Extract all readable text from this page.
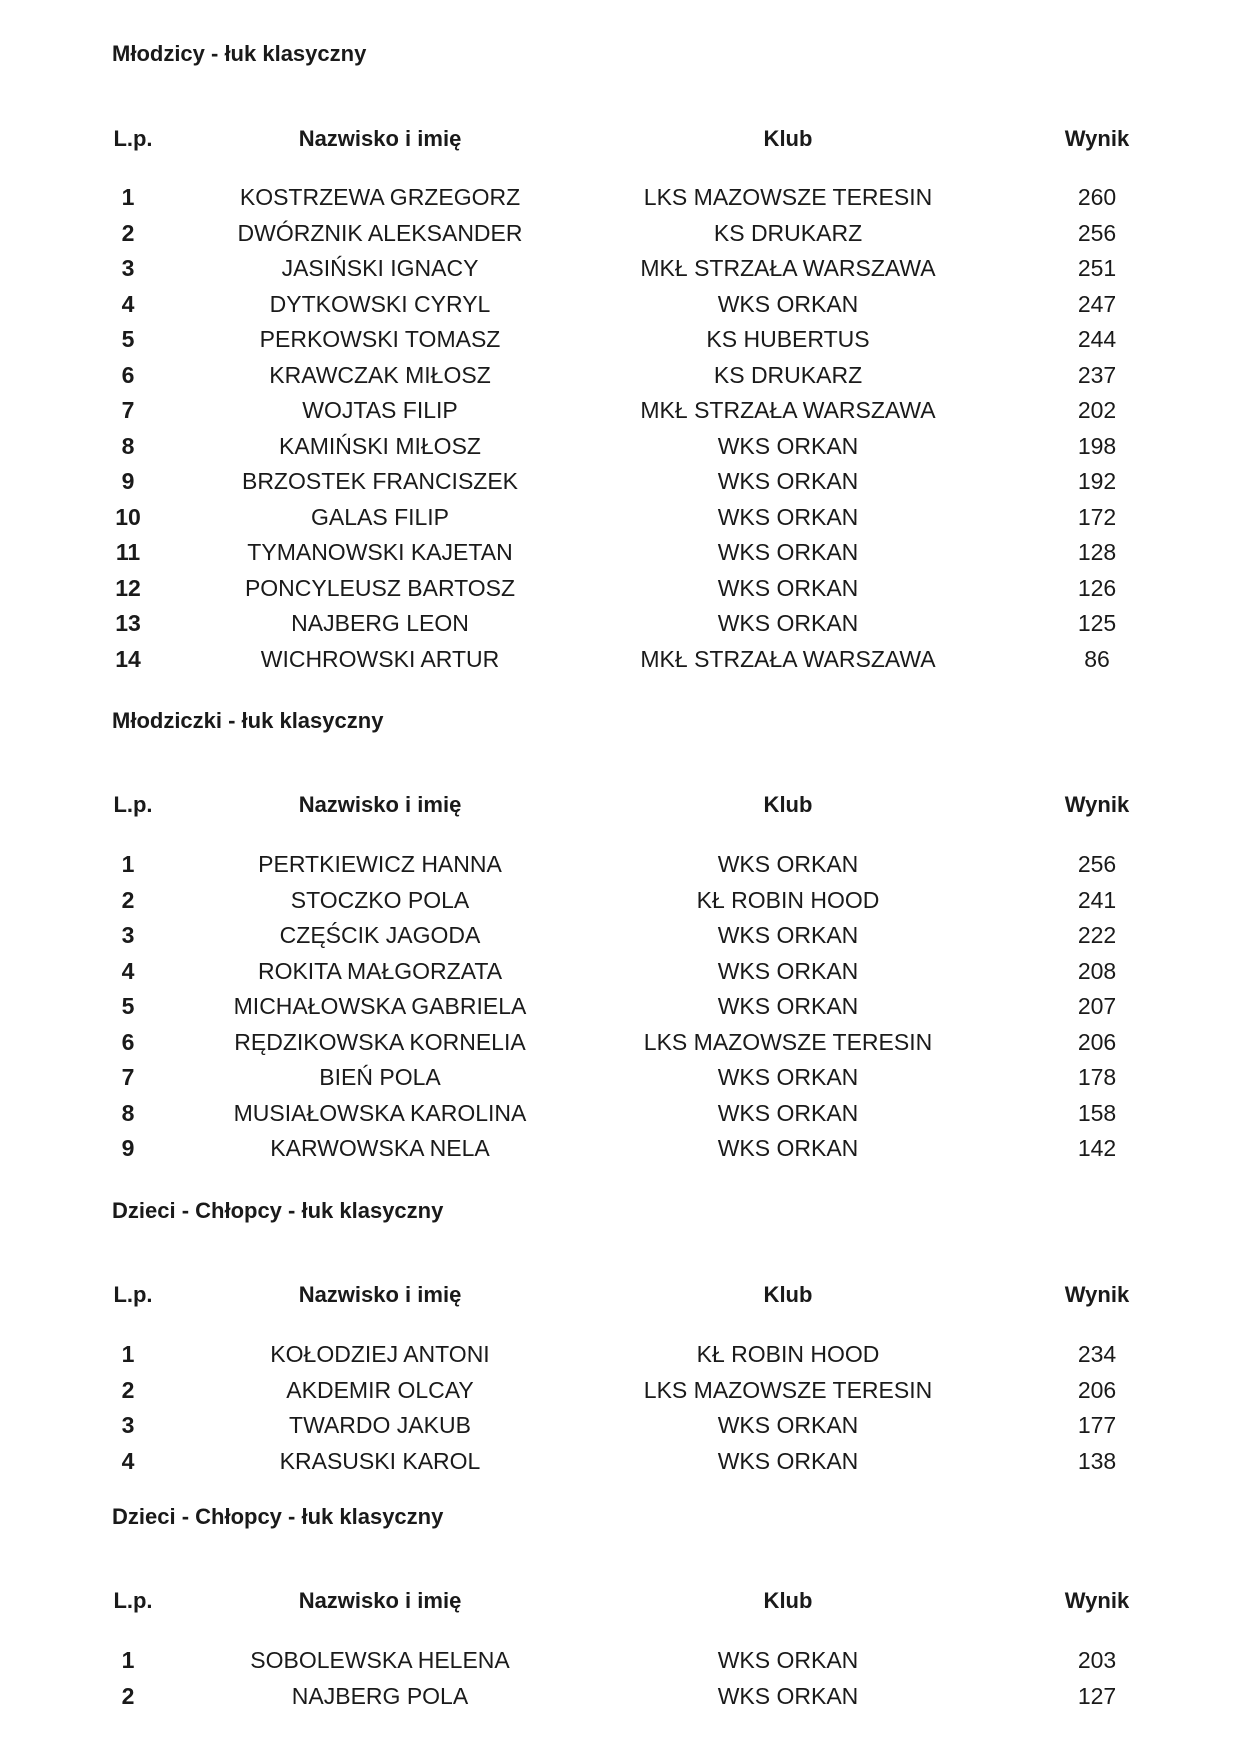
Młodzicy - łuk klasyczny
L.p.	Nazwisko i imię	Klub	Wynik
1	KOSTRZEWA GRZEGORZ	LKS MAZOWSZE TERESIN	260
2	DWÓRZNIK ALEKSANDER	KS DRUKARZ	256
3	JASIŃSKI IGNACY	MKŁ STRZAŁA WARSZAWA	251
4	DYTKOWSKI CYRYL	WKS ORKAN	247
5	PERKOWSKI TOMASZ	KS HUBERTUS	244
6	KRAWCZAK MIŁOSZ	KS DRUKARZ	237
7	WOJTAS FILIP	MKŁ STRZAŁA WARSZAWA	202
8	KAMIŃSKI MIŁOSZ	WKS ORKAN	198
9	BRZOSTEK FRANCISZEK	WKS ORKAN	192
10	GALAS FILIP	WKS ORKAN	172
11	TYMANOWSKI KAJETAN	WKS ORKAN	128
12	PONCYLEUSZ BARTOSZ	WKS ORKAN	126
13	NAJBERG LEON	WKS ORKAN	125
14	WICHROWSKI ARTUR	MKŁ STRZAŁA WARSZAWA	86
Młodziczki - łuk klasyczny
L.p.	Nazwisko i imię	Klub	Wynik
1	PERTKIEWICZ HANNA	WKS ORKAN	256
2	STOCZKO POLA	KŁ ROBIN HOOD	241
3	CZĘŚCIK JAGODA	WKS ORKAN	222
4	ROKITA MAŁGORZATA	WKS ORKAN	208
5	MICHAŁOWSKA GABRIELA	WKS ORKAN	207
6	RĘDZIKOWSKA KORNELIA	LKS MAZOWSZE TERESIN	206
7	BIEŃ POLA	WKS ORKAN	178
8	MUSIAŁOWSKA KAROLINA	WKS ORKAN	158
9	KARWOWSKA NELA	WKS ORKAN	142
Dzieci - Chłopcy - łuk klasyczny
L.p.	Nazwisko i imię	Klub	Wynik
1	KOŁODZIEJ ANTONI	KŁ ROBIN HOOD	234
2	AKDEMIR OLCAY	LKS MAZOWSZE TERESIN	206
3	TWARDO JAKUB	WKS ORKAN	177
4	KRASUSKI KAROL	WKS ORKAN	138
Dzieci - Chłopcy - łuk klasyczny
L.p.	Nazwisko i imię	Klub	Wynik
1	SOBOLEWSKA HELENA	WKS ORKAN	203
2	NAJBERG POLA	WKS ORKAN	127
